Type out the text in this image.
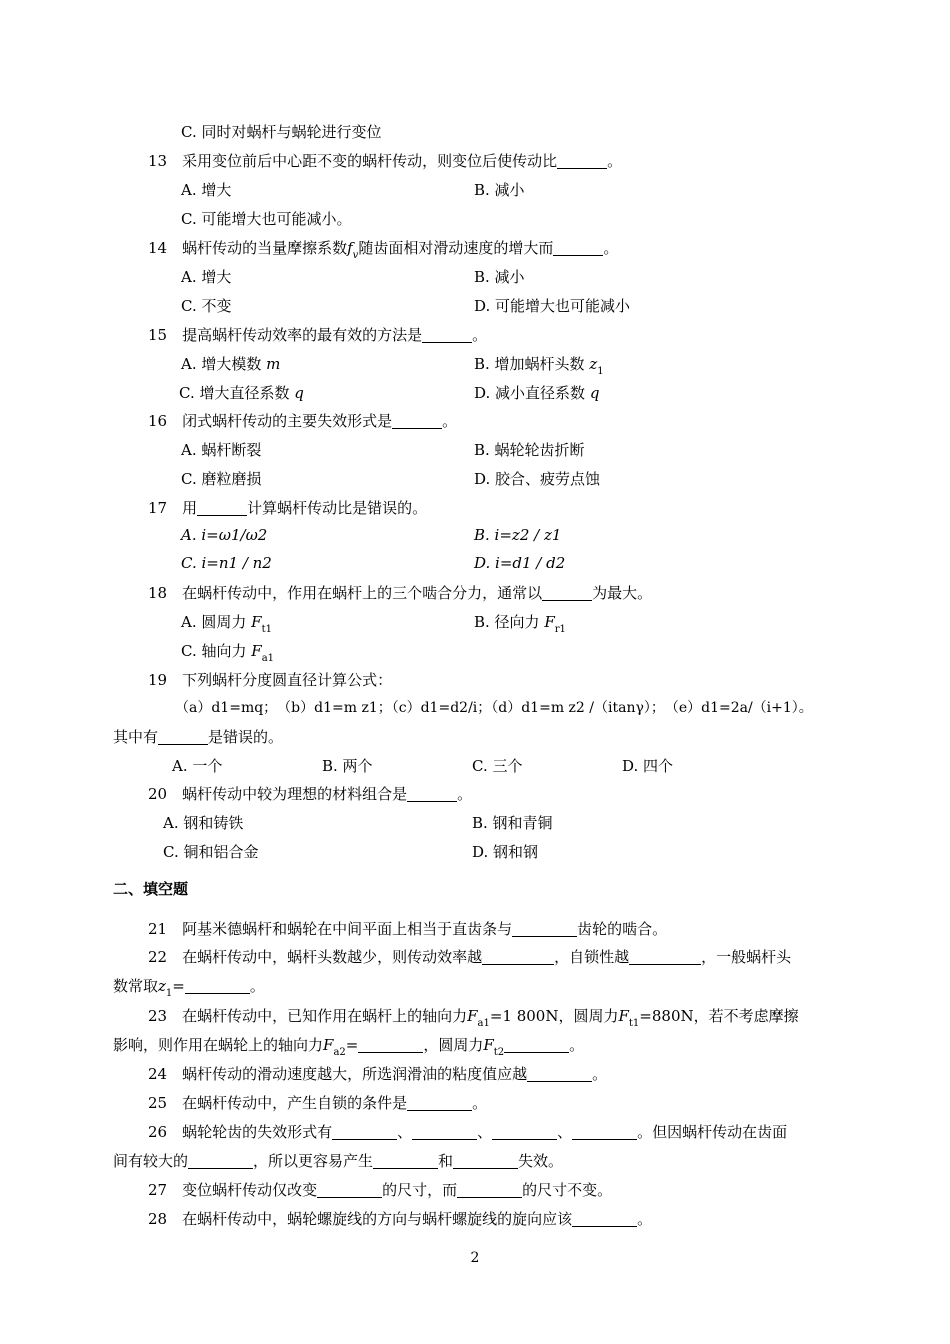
C. 同时对蜗杆与蜗轮进行变位
13　采用变位前后中心距不变的蜗杆传动，则变位后使传动比	。
A. 增大	B. 减小
C. 可能增大也可能减小。
14　蜗杆传动的当量摩擦系数$f_v$随齿面相对滑动速度的增大而	。
A. 增大	B. 减小
C. 不变	D. 可能增大也可能减小
15　提高蜗杆传动效率的最有效的方法是	。
A. 增大模数 m	B. 增加蜗杆头数 $z_1$
C. 增大直径系数 q	D. 减小直径系数 q
16　闭式蜗杆传动的主要失效形式是	。
A. 蜗杆断裂	B. 蜗轮轮齿折断
C. 磨粒磨损	D. 胶合、疲劳点蚀
17　用	计算蜗杆传动比是错误的。
A. i=ω1/ω2	B. i=z2 / z1
C. i=n1 / n2	D. i=d1 / d2
18　在蜗杆传动中，作用在蜗杆上的三个啮合分力，通常以	为最大。
A. 圆周力 $F_{t1}$	B. 径向力 $F_{r1}$
C. 轴向力 $F_{a1}$
19　下列蜗杆分度圆直径计算公式：
（a）d1=mq；　（b）d1=m z1；（c）d1=d2/i；（d）d1=m z2 /（itanγ）；　（e）d1=2a/（i+1）。
其中有	是错误的。
A. 一个	B. 两个	C. 三个	D. 四个
20　蜗杆传动中较为理想的材料组合是	。
A. 钢和铸铁	B. 钢和青铜
C. 铜和铝合金	D. 钢和钢
二、填空题
21　阿基米德蜗杆和蜗轮在中间平面上相当于直齿条与	齿轮的啮合。
22　在蜗杆传动中，蜗杆头数越少，则传动效率越	，自锁性越	，一般蜗杆头
数常取$z_1=$	。
23　在蜗杆传动中，已知作用在蜗杆上的轴向力$F_{a1}=1$ 800N，圆周力$F_{t1}=880N$，若不考虑摩擦
影响，则作用在蜗轮上的轴向力$F_{a2}=$	，圆周力$F_{t2}$	。
24　蜗杆传动的滑动速度越大，所选润滑油的粘度值应越	。
25　在蜗杆传动中，产生自锁的条件是	。
26　蜗轮轮齿的失效形式有	、	、	、	。但因蜗杆传动在齿面
间有较大的	，所以更容易产生	和	失效。
27　变位蜗杆传动仅改变	的尺寸，而	的尺寸不变。
28　在蜗杆传动中，蜗轮螺旋线的方向与蜗杆螺旋线的旋向应该	。
2
